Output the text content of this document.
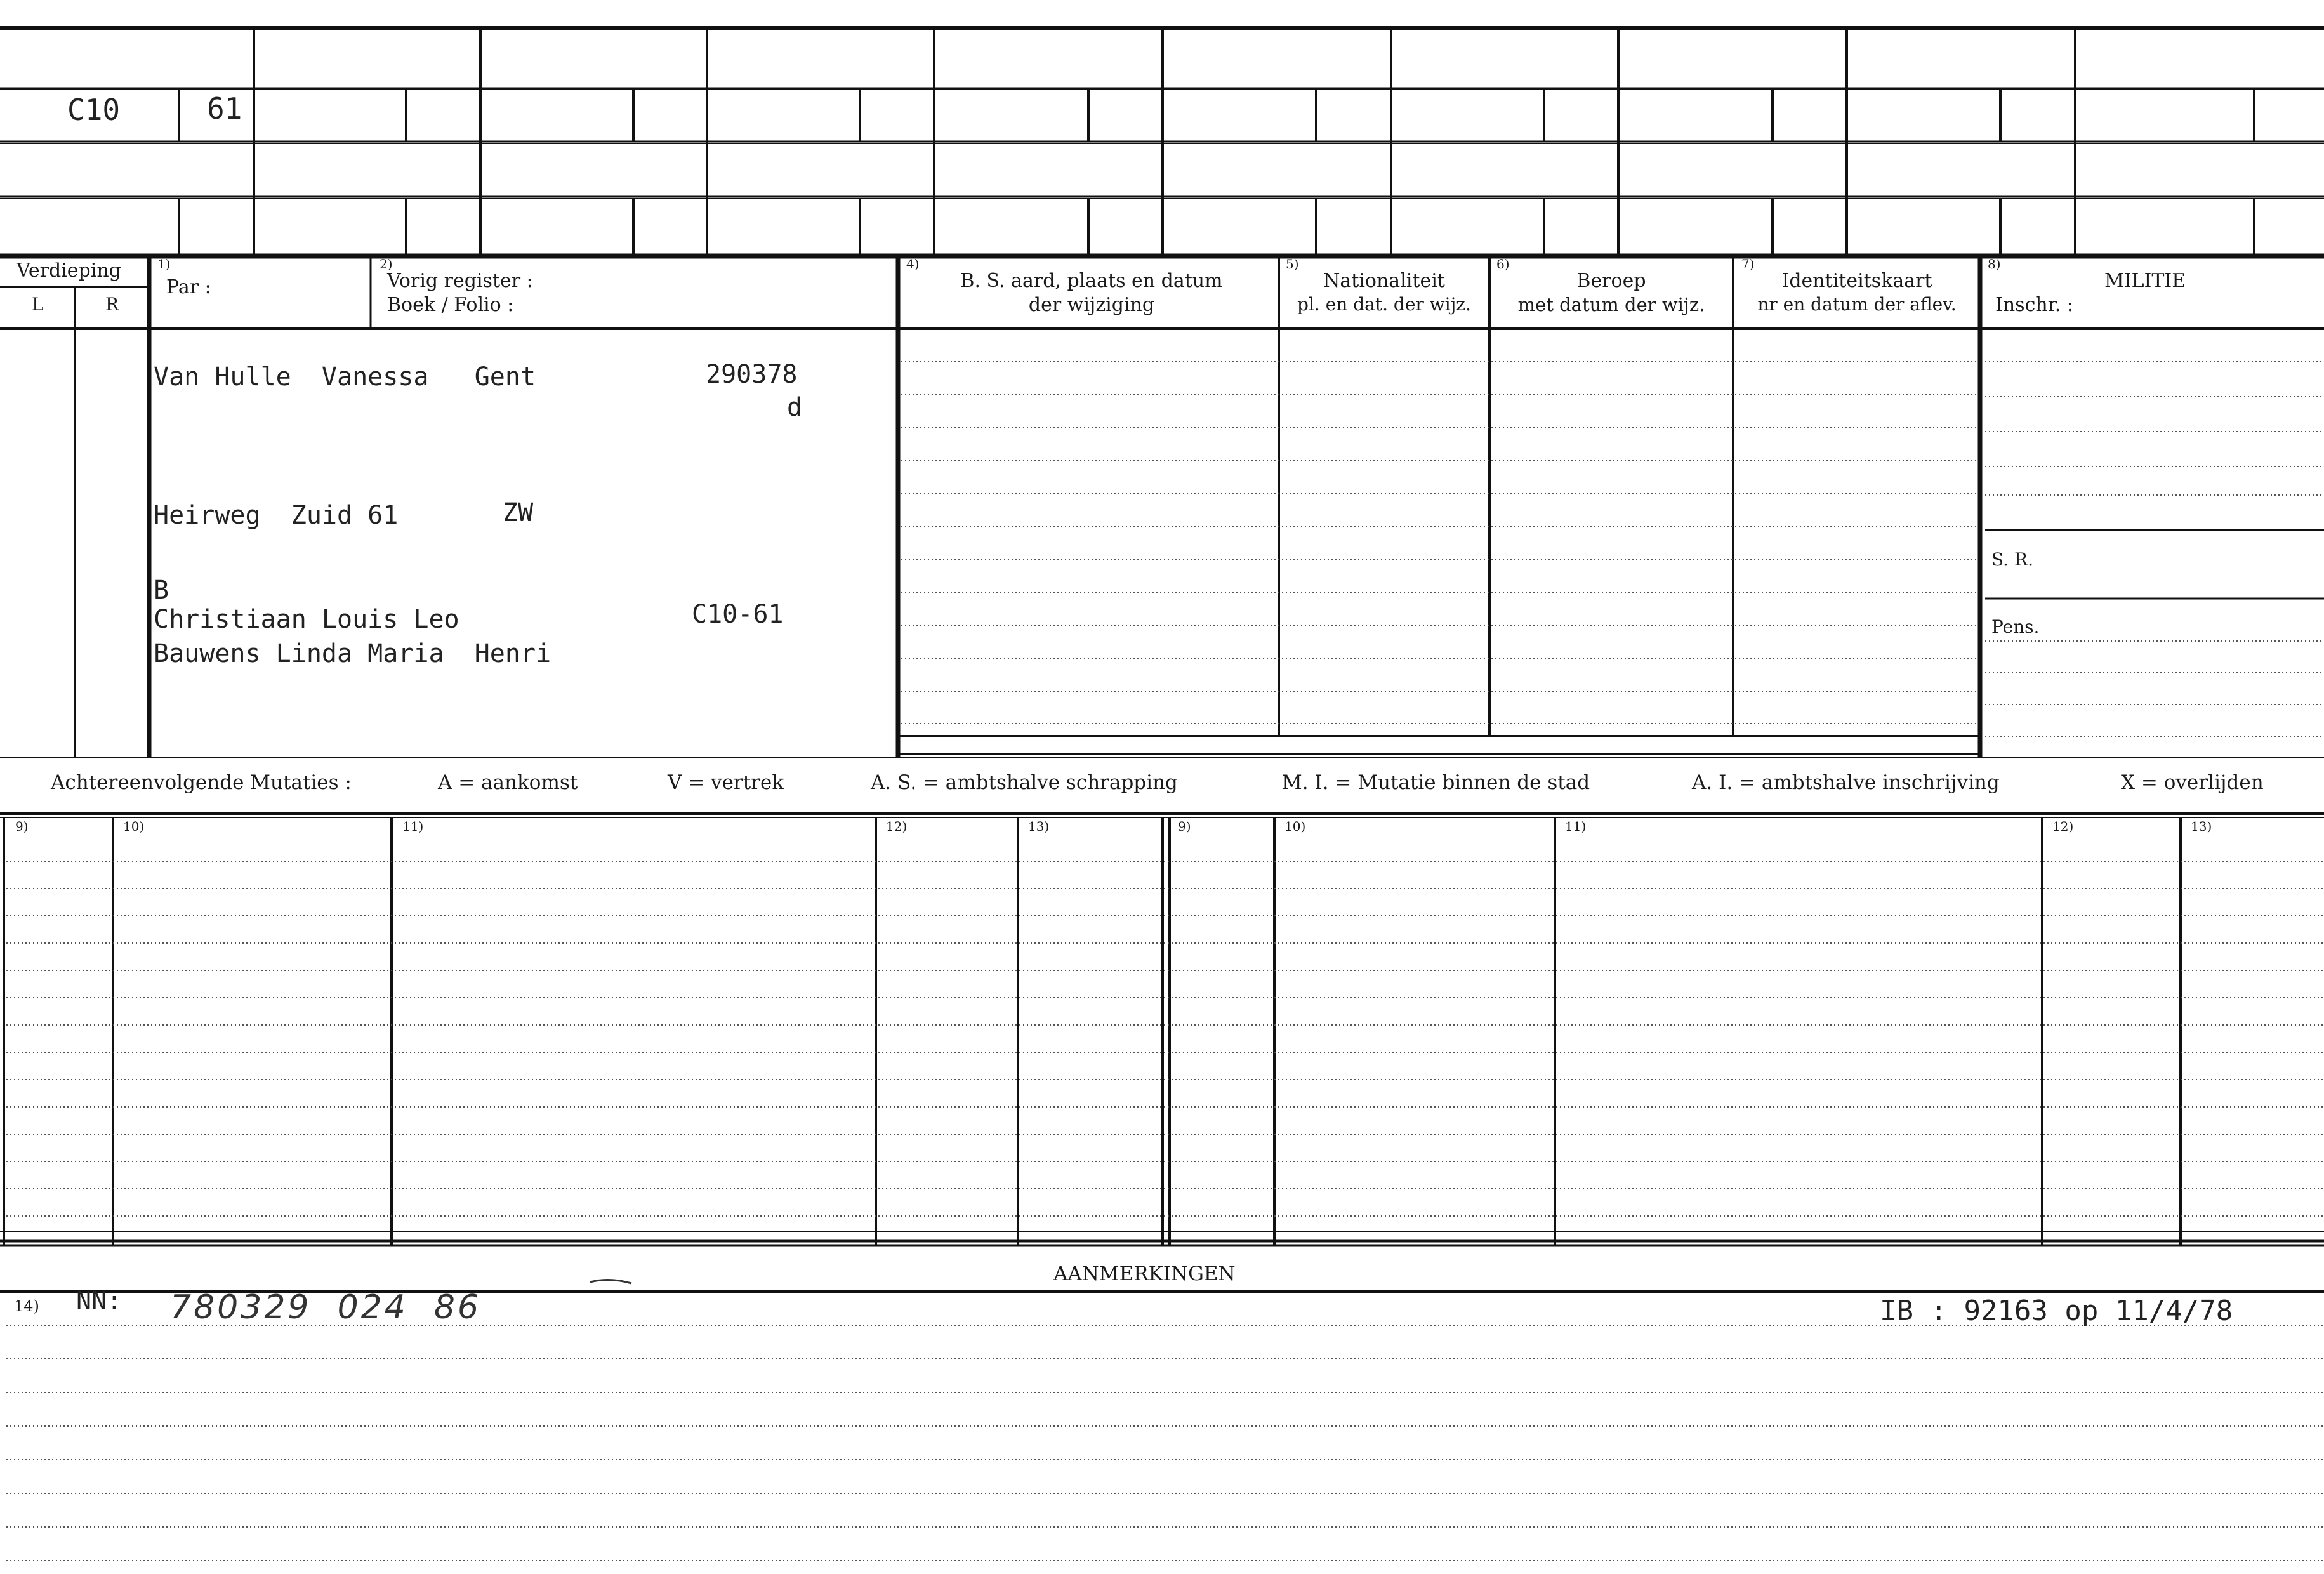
C10	61
Verdieping
L	R
1)
Par :
2)
Vorig register :
Boek / Folio :
4)
B. S. aard, plaats en datum
der wijziging
5)
Nationaliteit
pl. en dat. der wijz.
6)
Beroep
met datum der wijz.
7)
Identiteitskaart
nr en datum der aflev.
8)
MILITIE
Inschr. :
S. R.
Pens.
Van Hulle  Vanessa   Gent	290378
d
Heirweg  Zuid 61	ZW
B
Christiaan Louis Leo	C10-61
Bauwens Linda Maria  Henri
Achtereenvolgende Mutaties :	A = aankomst	V = vertrek	A. S. = ambtshalve schrapping	M. I. = Mutatie binnen de stad	A. I. = ambtshalve inschrijving	X = overlijden
9)	10)	11)	12)	13)	9)	10)	11)	12)	13)
AANMERKINGEN
14) NN: 780329  024  86	IB : 92163 op 11/4/78
